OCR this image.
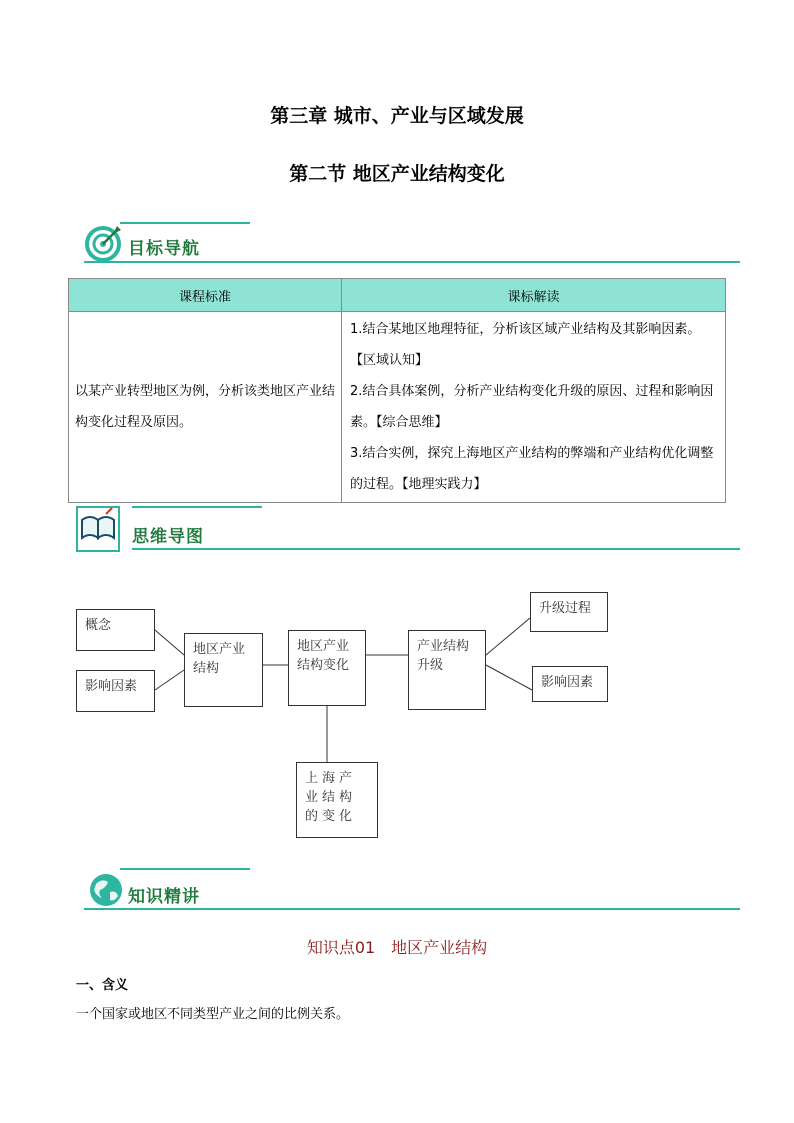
第三章 城市、产业与区域发展
第二节 地区产业结构变化
目标导航
课程标准	课标解读
以某产业转型地区为例，分析该类地区产业结构变化过程及原因。	1.结合某地区地理特征，分析该区域产业结构及其影响因素。【区域认知】
2.结合具体案例，分析产业结构变化升级的原因、过程和影响因素。【综合思维】
3.结合实例，探究上海地区产业结构的弊端和产业结构优化调整的过程。【地理实践力】
思维导图
概念
影响因素
地区产业结构
地区产业结构变化
产业结构升级
升级过程
影响因素
上海产业结构的变化
知识精讲
知识点01　地区产业结构
一、含义
一个国家或地区不同类型产业之间的比例关系。
